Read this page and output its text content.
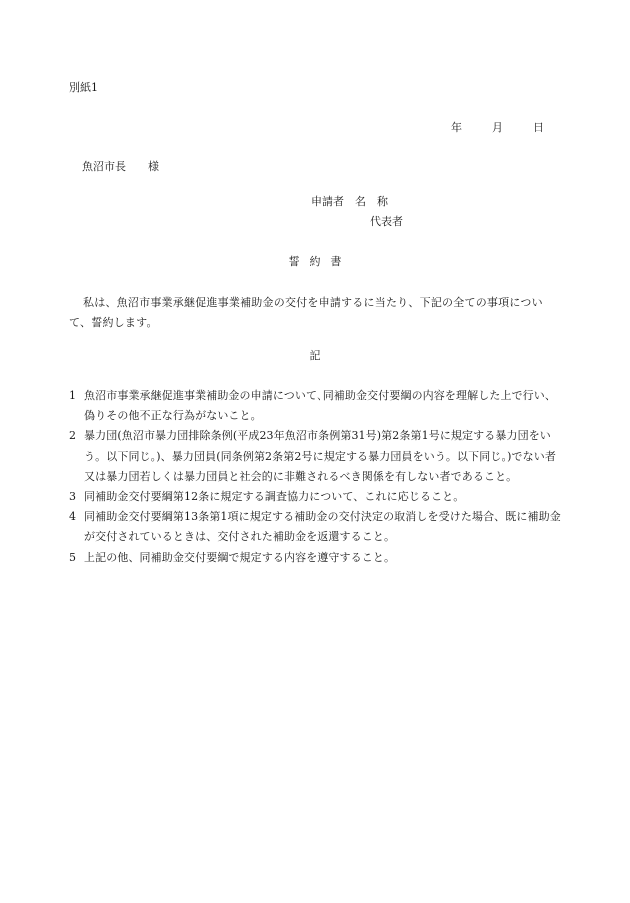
別紙1
年	月	日
魚沼市長　　様
申請者　名　称
代表者
誓約書
私は、魚沼市事業承継促進事業補助金の交付を申請するに当たり、下記の全ての事項について、誓約します。
記
1 魚沼市事業承継促進事業補助金の申請について､同補助金交付要綱の内容を理解した上で行い、偽りその他不正な行為がないこと。
2 暴力団(魚沼市暴力団排除条例(平成23年魚沼市条例第31号)第2条第1号に規定する暴力団をいう。以下同じ。)、暴力団員(同条例第2条第2号に規定する暴力団員をいう。以下同じ。)でない者又は暴力団若しくは暴力団員と社会的に非難されるべき関係を有しない者であること。
3 同補助金交付要綱第12条に規定する調査協力について、これに応じること。
4 同補助金交付要綱第13条第1項に規定する補助金の交付決定の取消しを受けた場合、既に補助金が交付されているときは、交付された補助金を返還すること。
5 上記の他、同補助金交付要綱で規定する内容を遵守すること。
